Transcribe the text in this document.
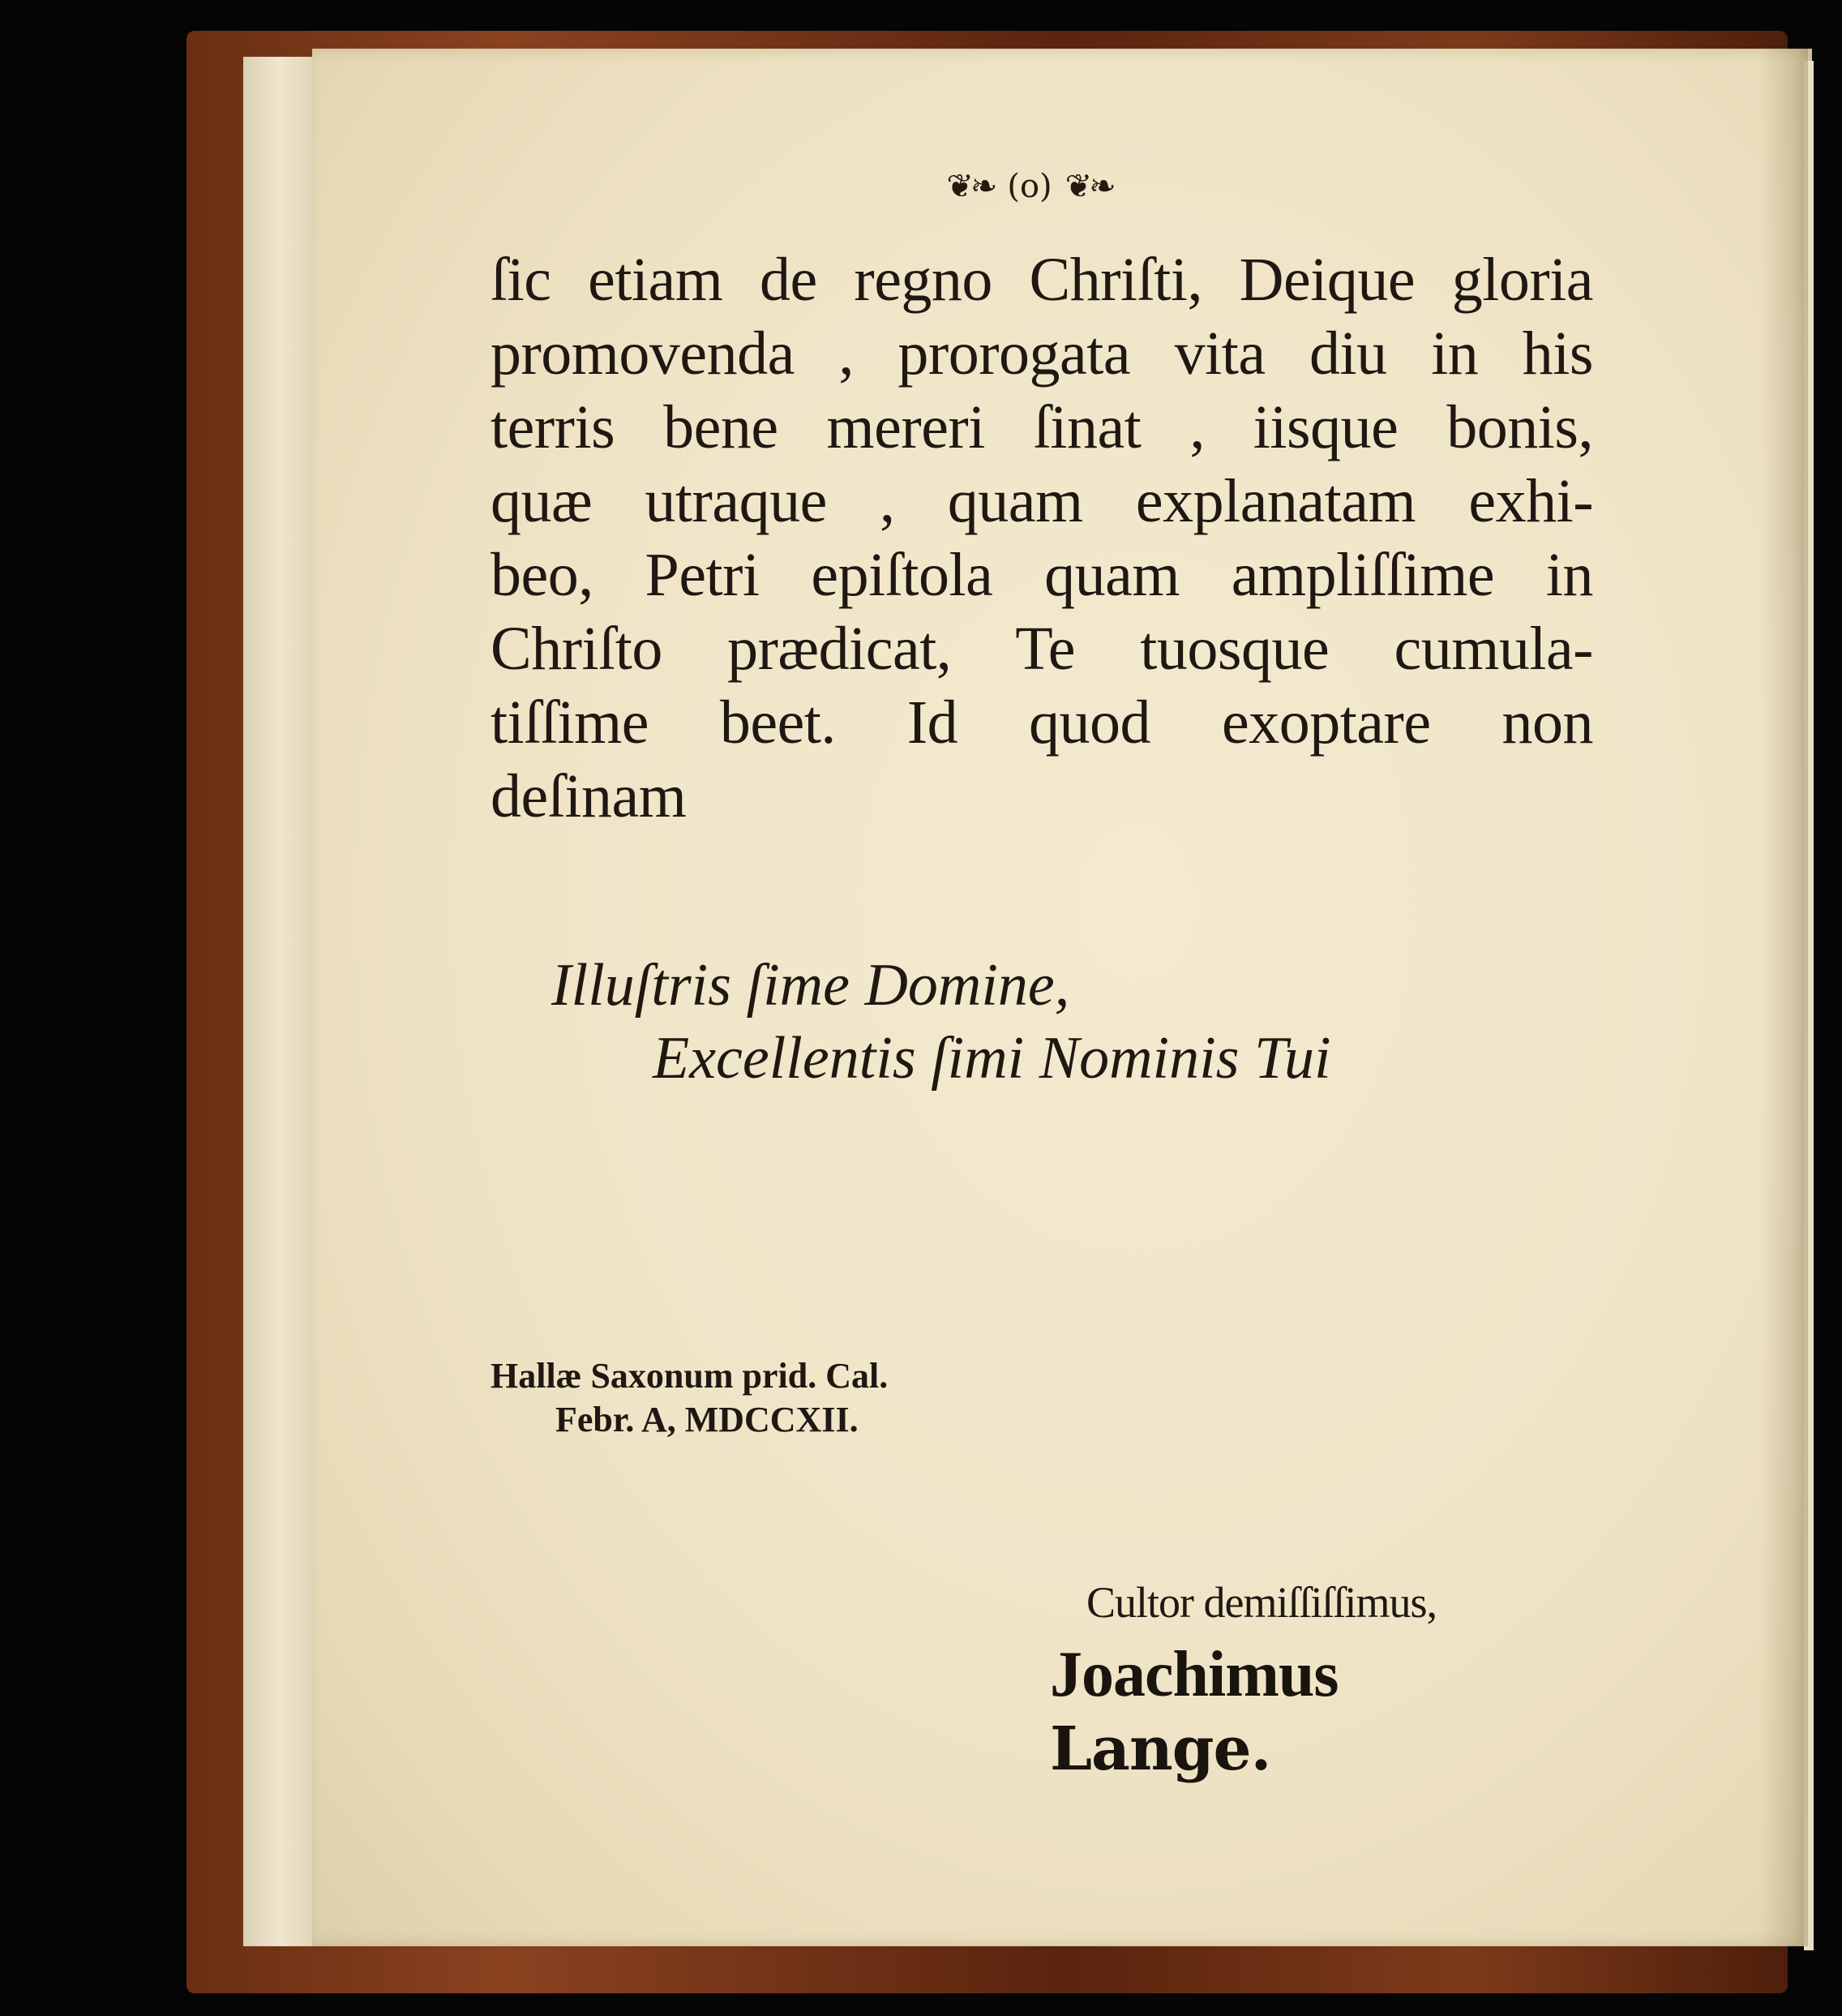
❦❧ (o) ❦❧
ſic etiam de regno Chriſti, Deique gloria
promovenda , prorogata vita diu in his
terris bene mereri ſinat , iisque bonis,
quæ utraque , quam explanatam exhi-
beo, Petri epiſtola quam ampliſſime in
Chriſto prædicat, Te tuosque cumula-
tiſſime beet. Id quod exoptare non
deſinam
Illuſtris ſime Domine,
Excellentis ſimi Nominis Tui
Hallæ Saxonum prid. Cal.
Febr. A, MDCCXII.
Cultor demiſſiſſimus,
Joachimus Lange.
